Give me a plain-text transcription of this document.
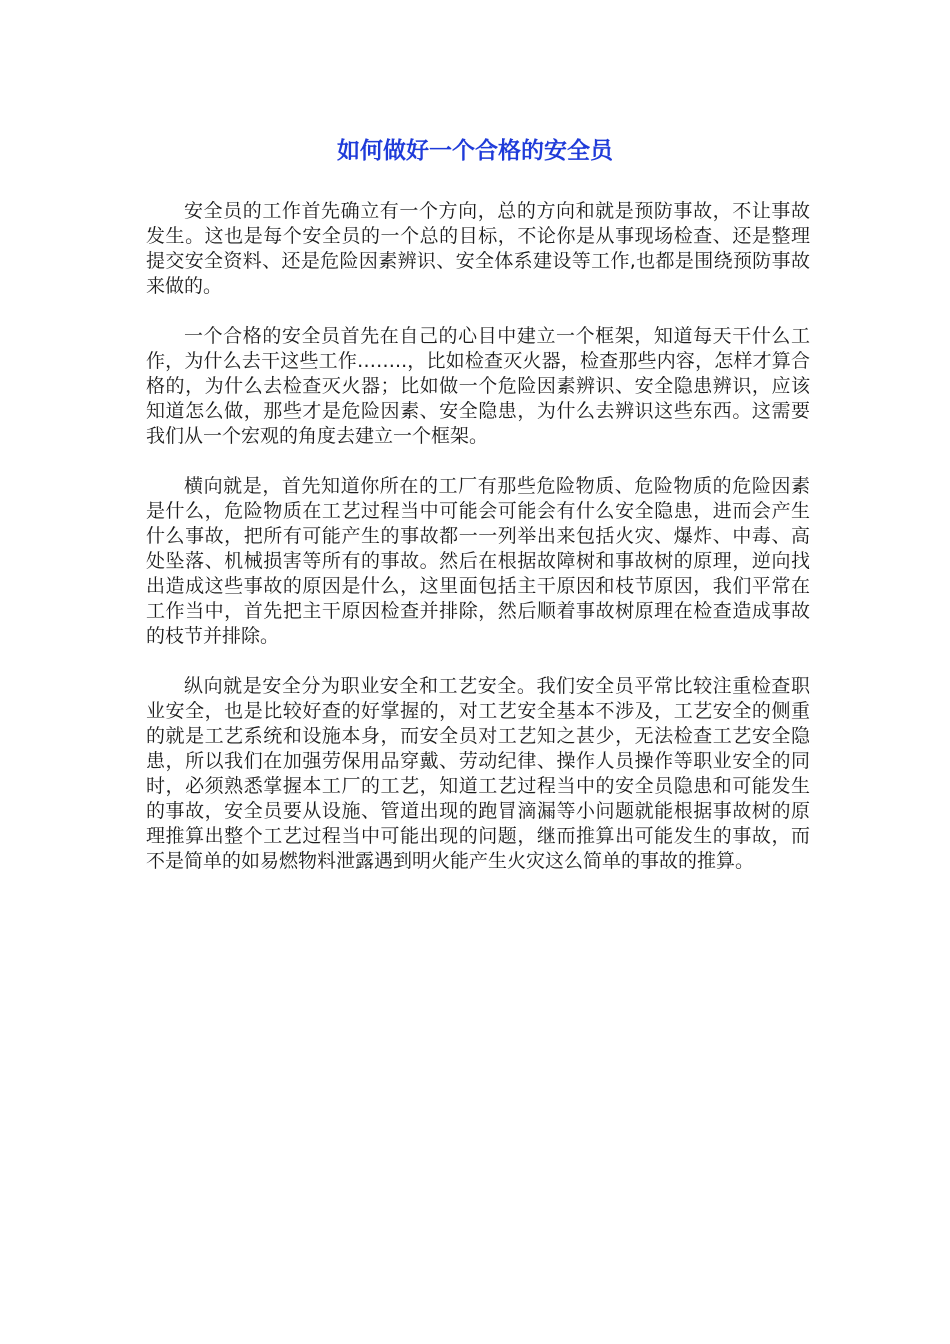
如何做好一个合格的安全员

安全员的工作首先确立有一个方向，总的方向和就是预防事故，不让事故发生。这也是每个安全员的一个总的目标，不论你是从事现场检查、还是整理提交安全资料、还是危险因素辨识、安全体系建设等工作,也都是围绕预防事故来做的。

一个合格的安全员首先在自己的心目中建立一个框架，知道每天干什么工作，为什么去干这些工作……..，比如检查灭火器，检查那些内容，怎样才算合格的，为什么去检查灭火器；比如做一个危险因素辨识、安全隐患辨识，应该知道怎么做，那些才是危险因素、安全隐患，为什么去辨识这些东西。这需要我们从一个宏观的角度去建立一个框架。

横向就是，首先知道你所在的工厂有那些危险物质、危险物质的危险因素是什么，危险物质在工艺过程当中可能会可能会有什么安全隐患，进而会产生什么事故，把所有可能产生的事故都一一列举出来包括火灾、爆炸、中毒、高处坠落、机械损害等所有的事故。然后在根据故障树和事故树的原理，逆向找出造成这些事故的原因是什么，这里面包括主干原因和枝节原因，我们平常在工作当中，首先把主干原因检查并排除，然后顺着事故树原理在检查造成事故的枝节并排除。

纵向就是安全分为职业安全和工艺安全。我们安全员平常比较注重检查职业安全，也是比较好查的好掌握的，对工艺安全基本不涉及，工艺安全的侧重的就是工艺系统和设施本身，而安全员对工艺知之甚少，无法检查工艺安全隐患，所以我们在加强劳保用品穿戴、劳动纪律、操作人员操作等职业安全的同时，必须熟悉掌握本工厂的工艺，知道工艺过程当中的安全员隐患和可能发生的事故，安全员要从设施、管道出现的跑冒滴漏等小问题就能根据事故树的原理推算出整个工艺过程当中可能出现的问题，继而推算出可能发生的事故，而不是简单的如易燃物料泄露遇到明火能产生火灾这么简单的事故的推算。
